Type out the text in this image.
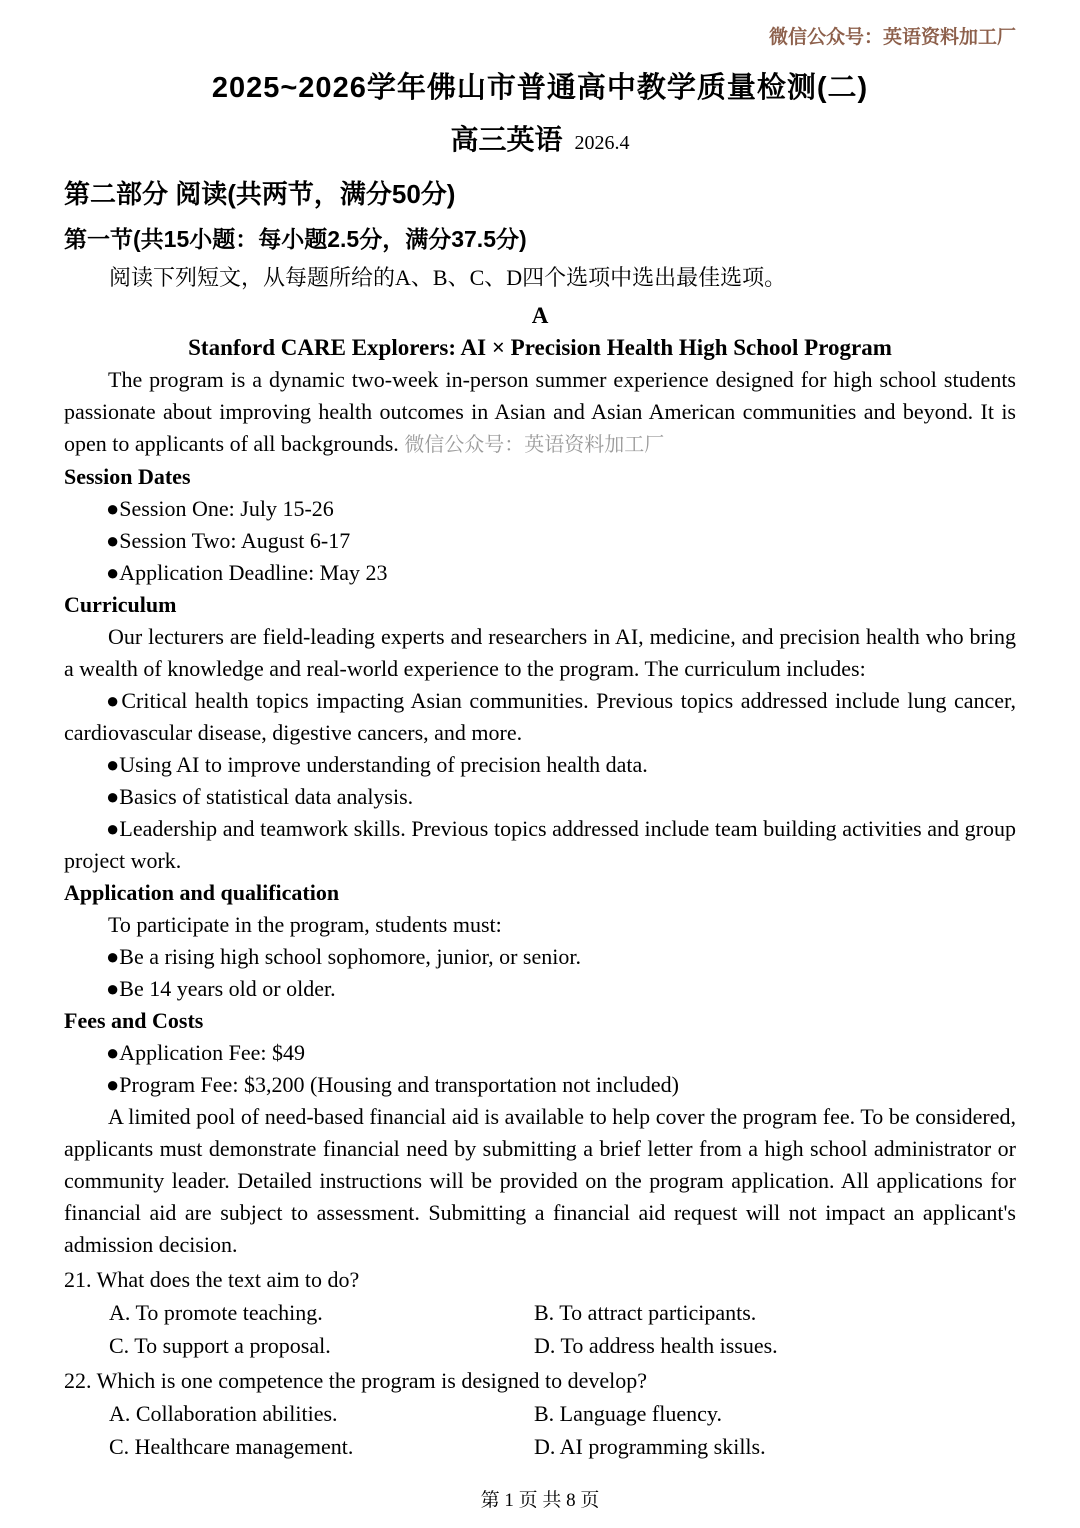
微信公众号：英语资料加工厂
2025~2026学年佛山市普通高中教学质量检测(二)
高三英语 2026.4
第二部分 阅读(共两节，满分50分)
第一节(共15小题：每小题2.5分，满分37.5分)

阅读下列短文，从每题所给的A、B、C、D四个选项中选出最佳选项。

A
Stanford CARE Explorers: AI × Precision Health High School Program

The program is a dynamic two-week in-person summer experience designed for high school students passionate about improving health outcomes in Asian and Asian American communities and beyond. It is open to applicants of all backgrounds. 微信公众号：英语资料加工厂

Session Dates

● Session One: July 15-26

● Session Two: August 6-17

● Application Deadline: May 23

Curriculum

Our lecturers are field-leading experts and researchers in AI, medicine, and precision health who bring a wealth of knowledge and real-world experience to the program. The curriculum includes:

● Critical health topics impacting Asian communities. Previous topics addressed include lung cancer, cardiovascular disease, digestive cancers, and more.

● Using AI to improve understanding of precision health data.

● Basics of statistical data analysis.

● Leadership and teamwork skills. Previous topics addressed include team building activities and group project work.

Application and qualification

To participate in the program, students must:

● Be a rising high school sophomore, junior, or senior.

● Be 14 years old or older.

Fees and Costs

● Application Fee: $49

● Program Fee: $3,200 (Housing and transportation not included)

A limited pool of need-based financial aid is available to help cover the program fee. To be considered, applicants must demonstrate financial need by submitting a brief letter from a high school administrator or community leader. Detailed instructions will be provided on the program application. All applications for financial aid are subject to assessment. Submitting a financial aid request will not impact an applicant's admission decision.

21. What does the text aim to do?

A. To promote teaching.	B. To attract participants.
C. To support a proposal.	D. To address health issues.

22. Which is one competence the program is designed to develop?

A. Collaboration abilities.	B. Language fluency.
C. Healthcare management.	D. AI programming skills.
第 1 页 共 8 页
